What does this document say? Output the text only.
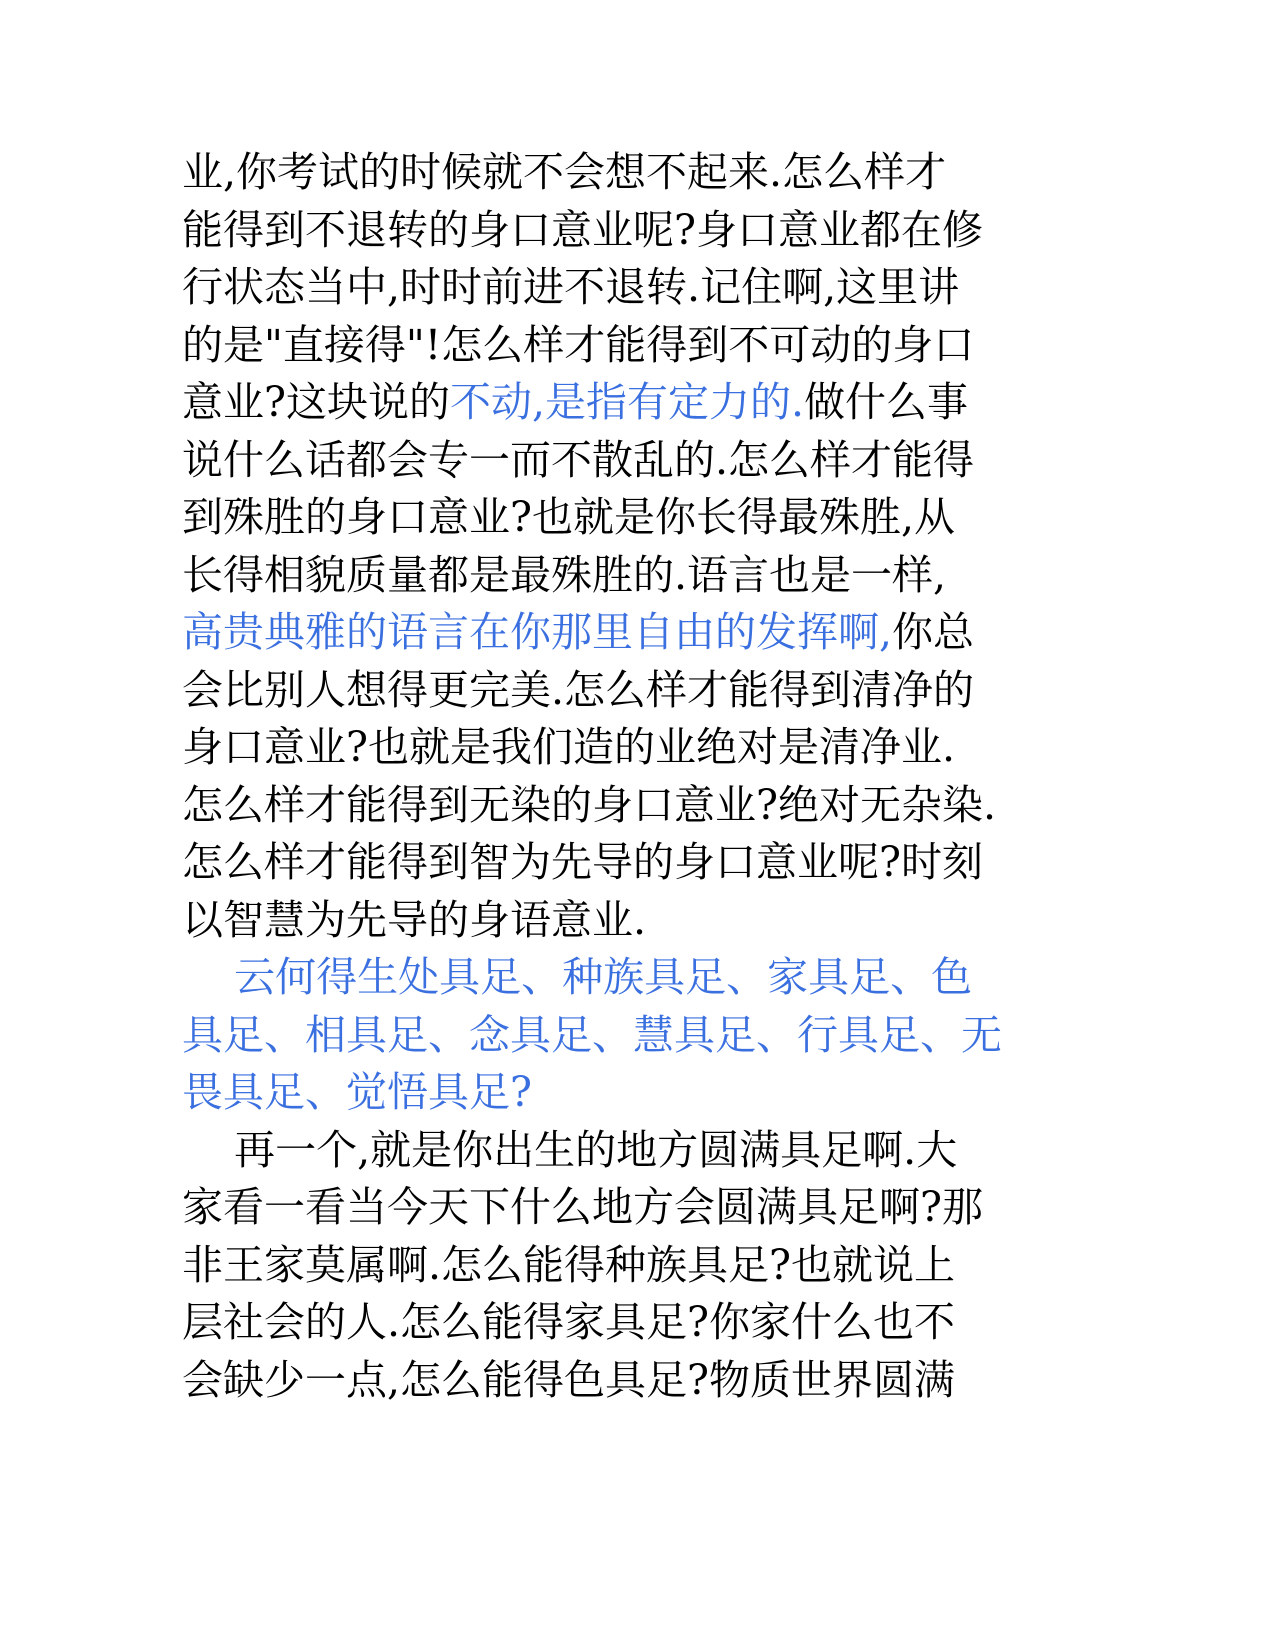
业,你考试的时候就不会想不起来.怎么样才
能得到不退转的身口意业呢?身口意业都在修
行状态当中,时时前进不退转.记住啊,这里讲
的是"直接得"!怎么样才能得到不可动的身口
意业?这块说的不动,是指有定力的.做什么事
说什么话都会专一而不散乱的.怎么样才能得
到殊胜的身口意业?也就是你长得最殊胜,从
长得相貌质量都是最殊胜的.语言也是一样,
高贵典雅的语言在你那里自由的发挥啊,你总
会比别人想得更完美.怎么样才能得到清净的
身口意业?也就是我们造的业绝对是清净业.
怎么样才能得到无染的身口意业?绝对无杂染.
怎么样才能得到智为先导的身口意业呢?时刻
以智慧为先导的身语意业.
云何得生处具足、种族具足、家具足、色
具足、相具足、念具足、慧具足、行具足、无
畏具足、觉悟具足?
再一个,就是你出生的地方圆满具足啊.大
家看一看当今天下什么地方会圆满具足啊?那
非王家莫属啊.怎么能得种族具足?也就说上
层社会的人.怎么能得家具足?你家什么也不
会缺少一点,怎么能得色具足?物质世界圆满
